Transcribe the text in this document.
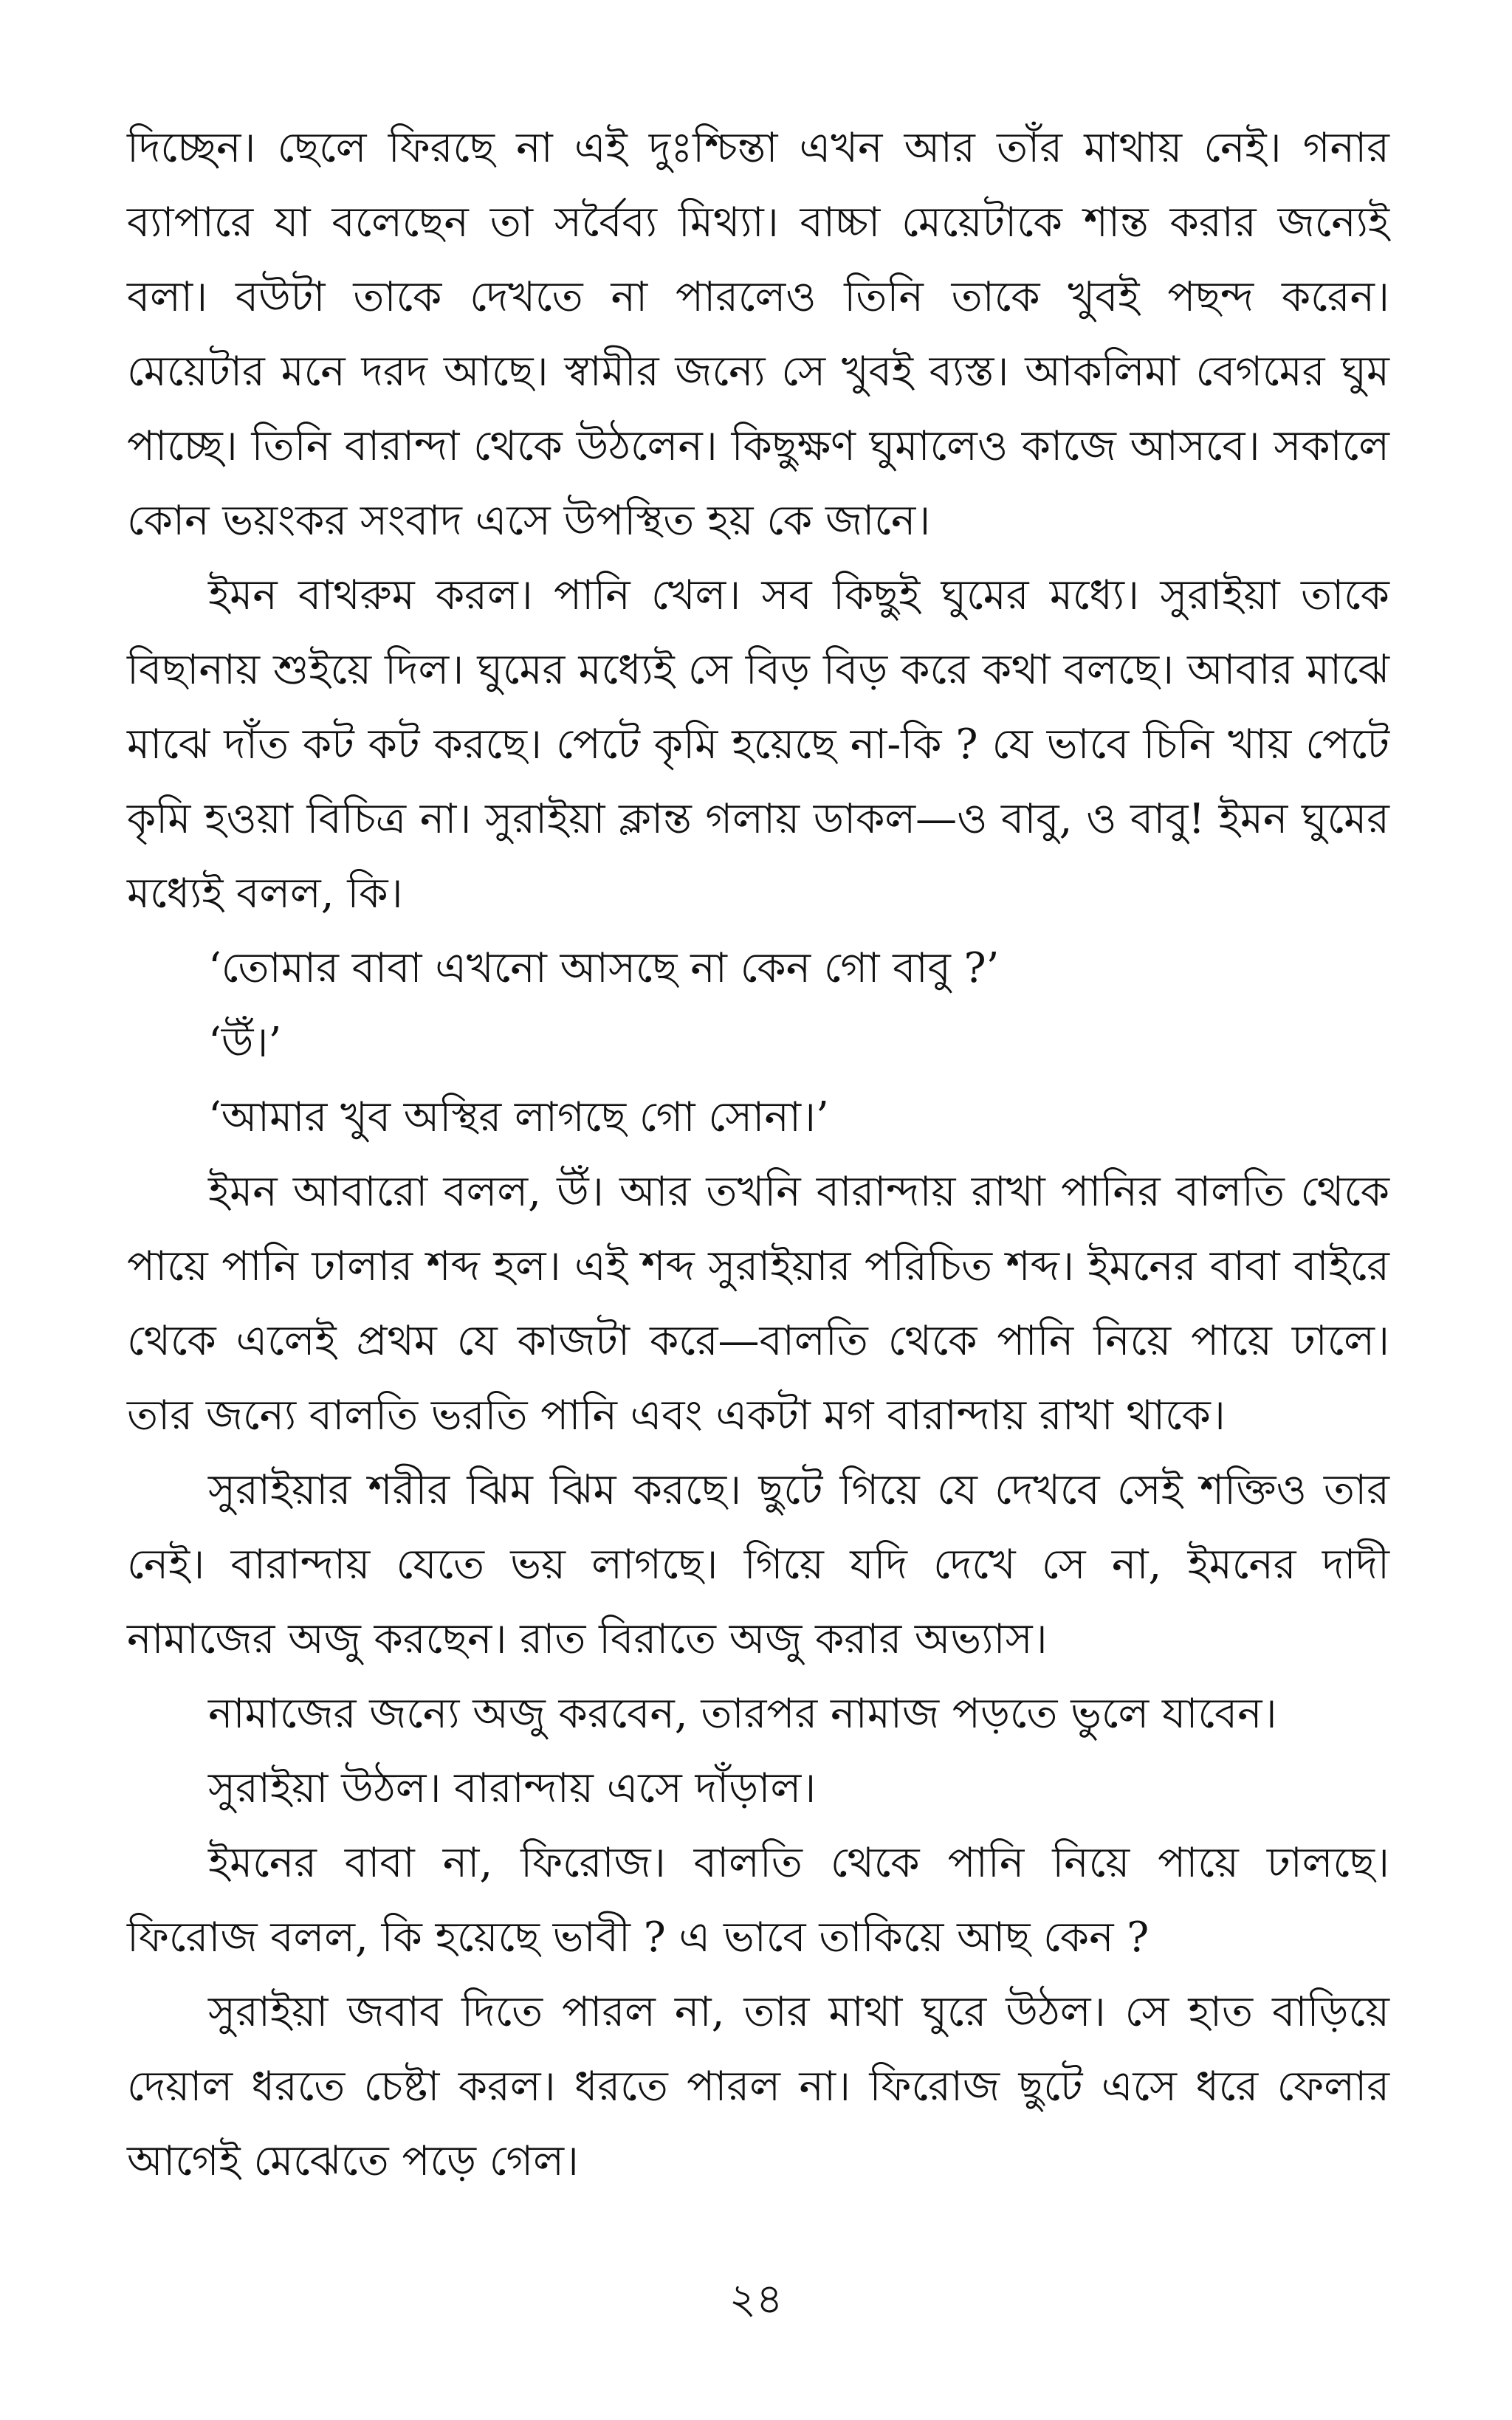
দিচ্ছেন। ছেলে ফিরছে না এই দুঃশ্চিন্তা এখন আর তাঁর মাথায় নেই। গনার ব্যাপারে যা বলেছেন তা সর্বৈব্য মিথ্যা। বাচ্চা মেয়েটাকে শান্ত করার জন্যেই বলা। বউটা তাকে দেখতে না পারলেও তিনি তাকে খুবই পছন্দ করেন। মেয়েটার মনে দরদ আছে। স্বামীর জন্যে সে খুবই ব্যস্ত। আকলিমা বেগমের ঘুম পাচ্ছে। তিনি বারান্দা থেকে উঠলেন। কিছুক্ষণ ঘুমালেও কাজে আসবে। সকালে কোন ভয়ংকর সংবাদ এসে উপস্থিত হয় কে জানে।

ইমন বাথরুম করল। পানি খেল। সব কিছুই ঘুমের মধ্যে। সুরাইয়া তাকে বিছানায় শুইয়ে দিল। ঘুমের মধ্যেই সে বিড় বিড় করে কথা বলছে। আবার মাঝে মাঝে দাঁত কট কট করছে। পেটে কৃমি হয়েছে না-কি ? যে ভাবে চিনি খায় পেটে কৃমি হওয়া বিচিত্র না। সুরাইয়া ক্লান্ত গলায় ডাকল—ও বাবু, ও বাবু! ইমন ঘুমের মধ্যেই বলল, কি।

‘তোমার বাবা এখনো আসছে না কেন গো বাবু ?’

‘উঁ।’

‘আমার খুব অস্থির লাগছে গো সোনা।’

ইমন আবারো বলল, উঁ। আর তখনি বারান্দায় রাখা পানির বালতি থেকে পায়ে পানি ঢালার শব্দ হল। এই শব্দ সুরাইয়ার পরিচিত শব্দ। ইমনের বাবা বাইরে থেকে এলেই প্রথম যে কাজটা করে—বালতি থেকে পানি নিয়ে পায়ে ঢালে। তার জন্যে বালতি ভরতি পানি এবং একটা মগ বারান্দায় রাখা থাকে।

সুরাইয়ার শরীর ঝিম ঝিম করছে। ছুটে গিয়ে যে দেখবে সেই শক্তিও তার নেই। বারান্দায় যেতে ভয় লাগছে। গিয়ে যদি দেখে সে না, ইমনের দাদী নামাজের অজু করছেন। রাত বিরাতে অজু করার অভ্যাস।

নামাজের জন্যে অজু করবেন, তারপর নামাজ পড়তে ভুলে যাবেন।

সুরাইয়া উঠল। বারান্দায় এসে দাঁড়াল।

ইমনের বাবা না, ফিরোজ। বালতি থেকে পানি নিয়ে পায়ে ঢালছে। ফিরোজ বলল, কি হয়েছে ভাবী ? এ ভাবে তাকিয়ে আছ কেন ?

সুরাইয়া জবাব দিতে পারল না, তার মাথা ঘুরে উঠল। সে হাত বাড়িয়ে দেয়াল ধরতে চেষ্টা করল। ধরতে পারল না। ফিরোজ ছুটে এসে ধরে ফেলার আগেই মেঝেতে পড়ে গেল।

২৪
